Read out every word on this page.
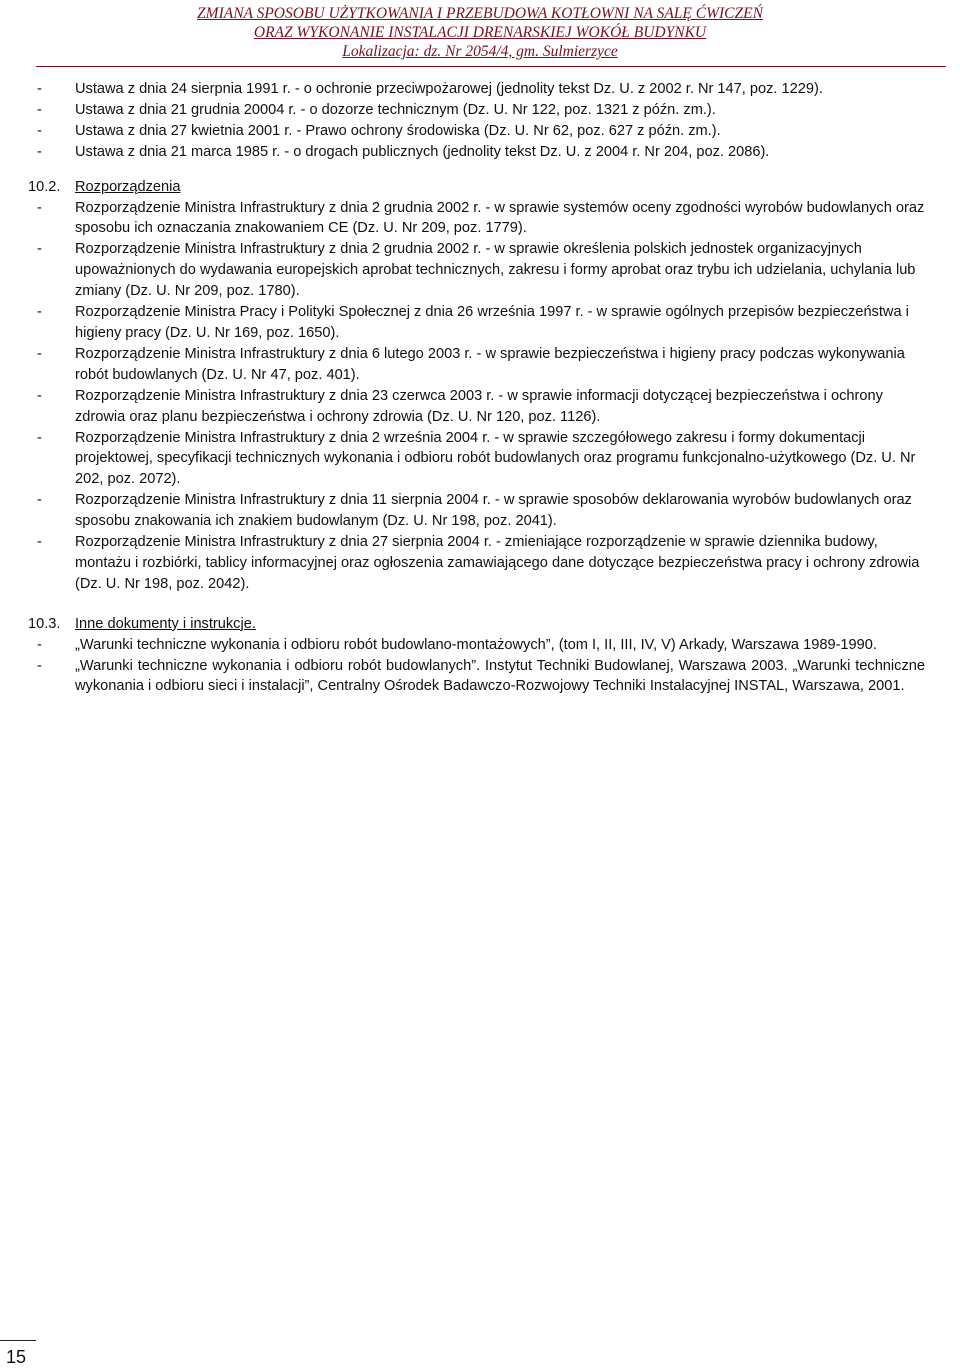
ZMIANA SPOSOBU UŻYTKOWANIA I PRZEBUDOWA KOTŁOWNI NA SALĘ ĆWICZEŃ
ORAZ WYKONANIE INSTALACJI DRENARSKIEJ WOKÓŁ BUDYNKU
Lokalizacja: dz. Nr 2054/4, gm. Sulmierzyce

- Ustawa z dnia 24 sierpnia 1991 r. - o ochronie przeciwpożarowej (jednolity tekst Dz. U. z 2002 r. Nr 147, poz. 1229).

- Ustawa z dnia 21 grudnia 20004 r. - o dozorze technicznym (Dz. U. Nr 122, poz. 1321 z późn. zm.).

- Ustawa z dnia 27 kwietnia 2001 r. - Prawo ochrony środowiska (Dz. U. Nr 62, poz. 627 z późn. zm.).

- Ustawa z dnia 21 marca 1985 r. - o drogach publicznych (jednolity tekst Dz. U. z 2004 r. Nr 204, poz. 2086).

10.2. Rozporządzenia

- Rozporządzenie Ministra Infrastruktury z dnia 2 grudnia 2002 r. - w sprawie systemów oceny zgodności wyrobów budowlanych oraz sposobu ich oznaczania znakowaniem CE (Dz. U. Nr 209, poz. 1779).

- Rozporządzenie Ministra Infrastruktury z dnia 2 grudnia 2002 r. - w sprawie określenia polskich jednostek organizacyjnych upoważnionych do wydawania europejskich aprobat technicznych, zakresu i formy aprobat oraz trybu ich udzielania, uchylania lub zmiany (Dz. U. Nr 209, poz. 1780).

- Rozporządzenie Ministra Pracy i Polityki Społecznej z dnia 26 września 1997 r. - w sprawie ogólnych przepisów bezpieczeństwa i higieny pracy (Dz. U. Nr 169, poz. 1650).

- Rozporządzenie Ministra Infrastruktury z dnia 6 lutego 2003 r. - w sprawie bezpieczeństwa i higieny pracy podczas wykonywania robót budowlanych (Dz. U. Nr 47, poz. 401).

- Rozporządzenie Ministra Infrastruktury z dnia 23 czerwca 2003 r. - w sprawie informacji dotyczącej bezpieczeństwa i ochrony zdrowia oraz planu bezpieczeństwa i ochrony zdrowia (Dz. U. Nr 120, poz. 1126).

- Rozporządzenie Ministra Infrastruktury z dnia 2 września 2004 r. - w sprawie szczegółowego zakresu i formy dokumentacji projektowej, specyfikacji technicznych wykonania i odbioru robót budowlanych oraz programu funkcjonalno-użytkowego (Dz. U. Nr 202, poz. 2072).

- Rozporządzenie Ministra Infrastruktury z dnia 11 sierpnia 2004 r. - w sprawie sposobów deklarowania wyrobów budowlanych oraz sposobu znakowania ich znakiem budowlanym (Dz. U. Nr 198, poz. 2041).

- Rozporządzenie Ministra Infrastruktury z dnia 27 sierpnia 2004 r. - zmieniające rozporządzenie w sprawie dziennika budowy, montażu i rozbiórki, tablicy informacyjnej oraz ogłoszenia zamawiającego dane dotyczące bezpieczeństwa pracy i ochrony zdrowia (Dz. U. Nr 198, poz. 2042).

10.3. Inne dokumenty i instrukcje.

- „Warunki techniczne wykonania i odbioru robót budowlano-montażowych”, (tom I, II, III, IV, V) Arkady, Warszawa 1989-1990.

- „Warunki techniczne wykonania i odbioru robót budowlanych”. Instytut Techniki Budowlanej, Warszawa 2003. „Warunki techniczne wykonania i odbioru sieci i instalacji”, Centralny Ośrodek Badawczo-Rozwojowy Techniki Instalacyjnej INSTAL, Warszawa, 2001.

15
